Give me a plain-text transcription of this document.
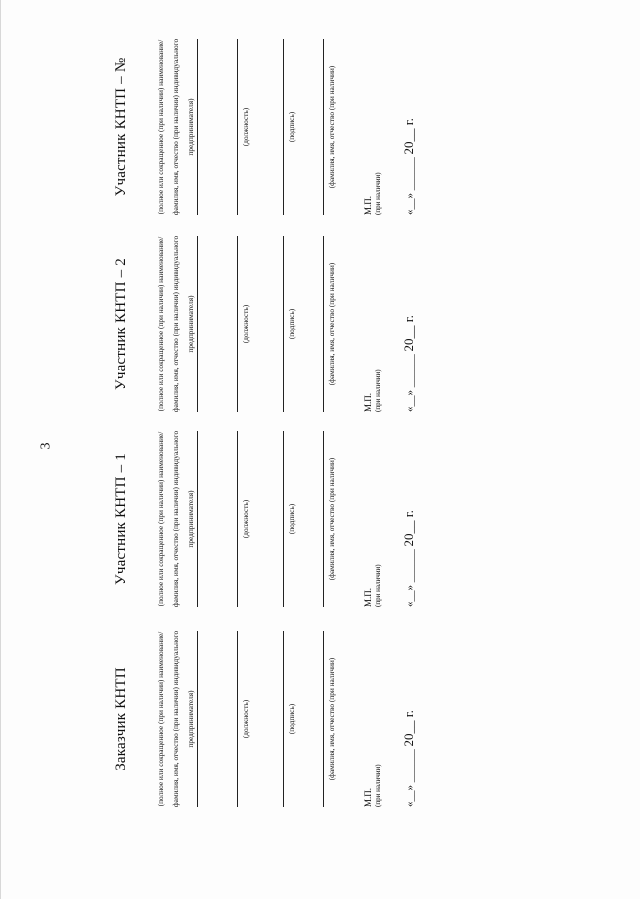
3
Заказчик КНТП	(полное или сокращенное (при наличии) наименование/фамилия, имя, отчество (при наличии) индивидуального предпринимателя)	(должность)	(подпись)	(фамилия, имя, отчество (при наличии)
М.П. (при наличии) «__» ______ 20__ г.
Участник КНТП – 1	(полное или сокращенное (при наличии) наименование/фамилия, имя, отчество (при наличии) индивидуального предпринимателя)	(должность)	(подпись)	(фамилия, имя, отчество (при наличии)
М.П. (при наличии) «__» ______ 20__ г.
Участник КНТП – 2	(полное или сокращенное (при наличии) наименование/фамилия, имя, отчество (при наличии) индивидуального предпринимателя)	(должность)	(подпись)	(фамилия, имя, отчество (при наличии)
М.П. (при наличии) «__» ______ 20__ г.
Участник КНТП – №	(полное или сокращенное (при наличии) наименование/фамилия, имя, отчество (при наличии) индивидуального предпринимателя)	(должность)	(подпись)	(фамилия, имя, отчество (при наличии)
М.П. (при наличии) «__» ______ 20__ г.
